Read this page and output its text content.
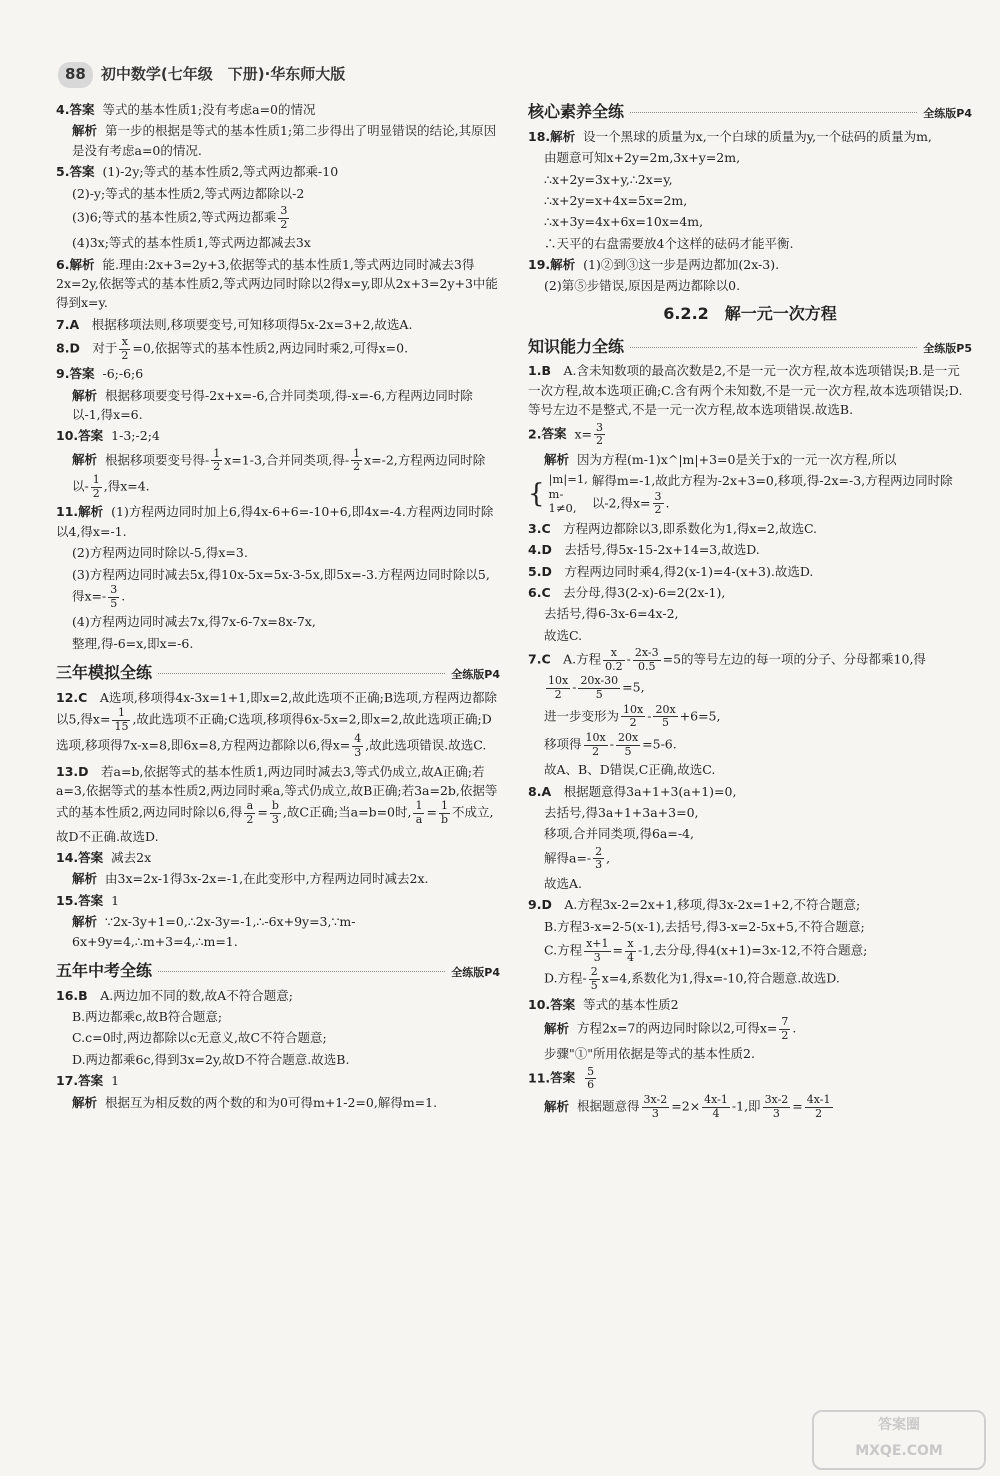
88	初中数学(七年级　下册)·华东师大版
4.答案 等式的基本性质1;没有考虑a=0的情况
解析 第一步的根据是等式的基本性质1;第二步得出了明显错误的结论,其原因是没有考虑a=0的情况.
5.答案 (1)-2y;等式的基本性质2,等式两边都乘-10
(2)-y;等式的基本性质2,等式两边都除以-2
(3)6;等式的基本性质2,等式两边都乘 $\frac{3}{2}$
(4)3x;等式的基本性质1,等式两边都减去3x
6.解析 能.理由:2x+3=2y+3,依据等式的基本性质1,等式两边同时减去3得2x=2y,依据等式的基本性质2,等式两边同时除以2得x=y,即从2x+3=2y+3中能得到x=y.
7.A　 根据移项法则,移项要变号,可知移项得5x-2x=3+2,故选A.
8.D　 对于 $\frac{x}{2} =0$,依据等式的基本性质2,两边同时乘2,可得x=0.
9.答案 -6;-6;6
解析 根据移项要变号得-2x+x=-6,合并同类项,得-x=-6,方程两边同时除以-1,得x=6.
10.答案 1-3;-2;4
解析 根据移项要变号得- $\frac{1}{2} x=1-3$,合并同类项,得- $\frac{1}{2} x=-2$,方程两边同时除以- $\frac{1}{2}$ ,得x=4.
11.解析 (1)方程两边同时加上6,得4x-6+6=-10+6,即4x=-4.方程两边同时除以4,得x=-1.
(2)方程两边同时除以-5,得x=3.
(3)方程两边同时减去5x,得10x-5x=5x-3-5x,即5x=-3.方程两边同时除以5,得$x=- \frac{3}{5}$ .
(4)方程两边同时减去7x,得7x-6-7x=8x-7x,
整理,得-6=x,即x=-6.
三年模拟全练	全练版P4
12.C　 A选项,移项得4x-3x=1+1,即x=2,故此选项不正确;B选项,方程两边都除以5,得$x= \frac{1}{15}$ ,故此选项不正确;C选项,移项得6x-5x=2,即x=2,故此选项正确;D选项,移项得7x-x=8,即6x=8,方程两边都除以6,得$x= \frac{4}{3}$ ,故此选项错误.故选C.
13.D　 若a=b,依据等式的基本性质1,两边同时减去3,等式仍成立,故A正确;若a=3,依据等式的基本性质2,两边同时乘a,等式仍成立,故B正确;若3a=2b,依据等式的基本性质2,两边同时除以6,得 $\frac{a}{2} = \frac{b}{3}$ ,故C正确;当a=b=0时, $\frac{1}{a} = \frac{1}{b}$ 不成立,故D不正确.故选D.
14.答案 减去2x
解析 由3x=2x-1得3x-2x=-1,在此变形中,方程两边同时减去2x.
15.答案 1
解析 ∵2x-3y+1=0,∴2x-3y=-1,∴-6x+9y=3,∵m-6x+9y=4,∴m+3=4,∴m=1.
五年中考全练	全练版P4
16.B　 A.两边加不同的数,故A不符合题意;
B.两边都乘c,故B符合题意;
C.c=0时,两边都除以c无意义,故C不符合题意;
D.两边都乘6c,得到3x=2y,故D不符合题意.故选B.
17.答案 1
解析 根据互为相反数的两个数的和为0可得m+1-2=0,解得m=1.
核心素养全练	全练版P4
18.解析 设一个黑球的质量为x,一个白球的质量为y,一个砝码的质量为m,
由题意可知x+2y=2m,3x+y=2m,
∴x+2y=3x+y,∴2x=y,
∴x+2y=x+4x=5x=2m,
∴x+3y=4x+6x=10x=4m,
∴天平的右盘需要放4个这样的砝码才能平衡.
19.解析 (1)②到③这一步是两边都加(2x-3).
(2)第⑤步错误,原因是两边都除以0.
6.2.2　解一元一次方程
知识能力全练	全练版P5
1.B　 A.含未知数项的最高次数是2,不是一元一次方程,故本选项错误;B.是一元一次方程,故本选项正确;C.含有两个未知数,不是一元一次方程,故本选项错误;D.等号左边不是整式,不是一元一次方程,故本选项错误.故选B.
2.答案 $x= \frac{3}{2}$
解析 因为方程(m-1)x^|m|+3=0是关于x的一元一次方程,所以
{
|m|=1,
m-1≠0,
解得m=-1,故此方程为-2x+3=0,移项,得-2x=-3,方程两边同时除以-2,得$x= \frac{3}{2}$ .
3.C　 方程两边都除以3,即系数化为1,得x=2,故选C.
4.D　 去括号,得5x-15-2x+14=3,故选D.
5.D　 方程两边同时乘4,得2(x-1)=4-(x+3).故选D.
6.C　 去分母,得3(2-x)-6=2(2x-1),
去括号,得6-3x-6=4x-2,
故选C.
7.C　 A.方程 $\frac{x}{0.2} - \frac{2x-3}{0.5} =5$的等号左边的每一项的分子、分母都乘10,得
$\frac{10x}{2} - \frac{20x-30}{5} =5$,
进一步变形为 $\frac{10x}{2} - \frac{20x}{5} +6=5$,
移项得 $\frac{10x}{2} - \frac{20x}{5} =5-6$.
故A、B、D错误,C正确,故选C.
8.A　 根据题意得3a+1+3(a+1)=0,
去括号,得3a+1+3a+3=0,
移项,合并同类项,得6a=-4,
解得$a=- \frac{2}{3}$ ,
故选A.
9.D　 A.方程3x-2=2x+1,移项,得3x-2x=1+2,不符合题意;
B.方程3-x=2-5(x-1),去括号,得3-x=2-5x+5,不符合题意;
C.方程 $\frac{x+1}{3} = \frac{x}{4} -1$,去分母,得4(x+1)=3x-12,不符合题意;
D.方程- $\frac{2}{5} x=4$,系数化为1,得x=-10,符合题意.故选D.
10.答案 等式的基本性质2
解析 方程2x=7的两边同时除以2,可得$x= \frac{7}{2}$ .
步骤"①"所用依据是等式的基本性质2.
11.答案 $\frac{5}{6}$
解析 根据题意得 $\frac{3x-2}{3} =2\times \frac{4x-1}{4} -1$,即 $\frac{3x-2}{3} = \frac{4x-1}{2}$
答案圈
MXQE.COM
